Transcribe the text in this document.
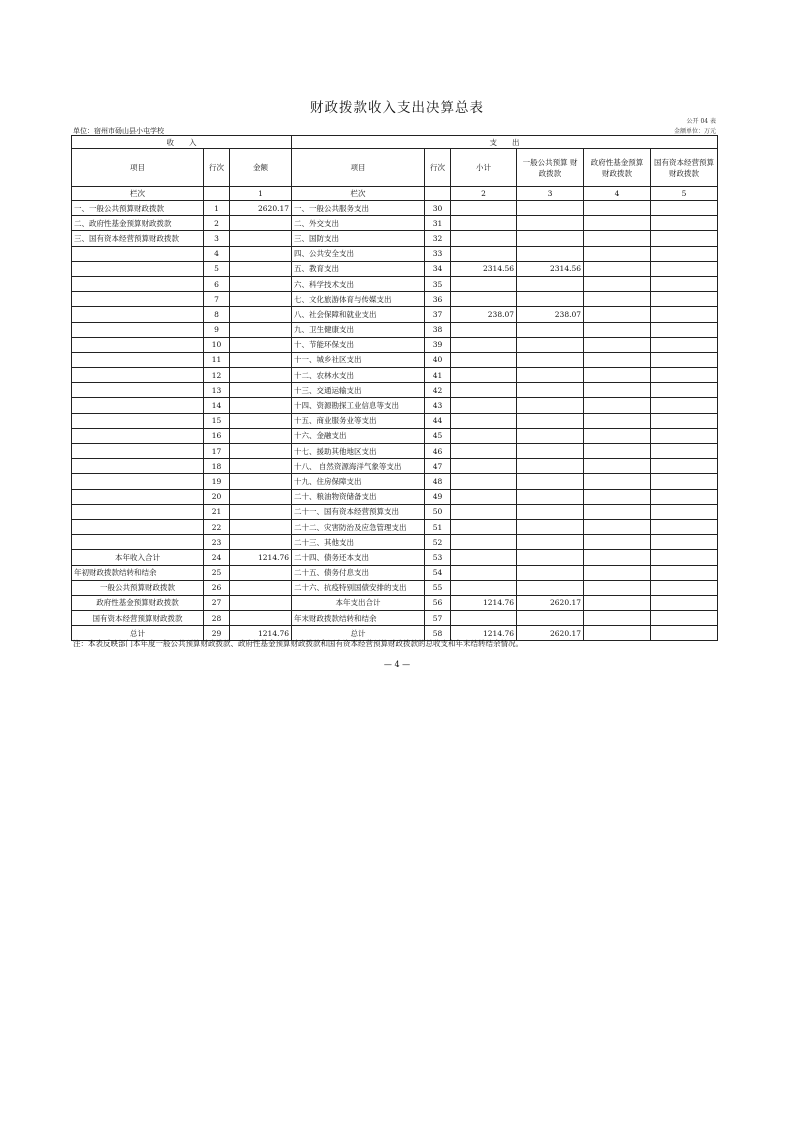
财政拨款收入支出决算总表
公开 04 表
单位：宿州市砀山县小屯学校	金额单位：万元
收　　入			支　　出					
项目	行次	金额	项目	行次	小计	一般公共预算 财政拨款	政府性基金预算 财政拨款	国有资本经营预算 财政拨款
栏次		1	栏次		2	3	4	5
一、一般公共预算财政拨款	1	2620.17	一、一般公共服务支出	30				
二、政府性基金预算财政拨款	2		二、外交支出	31				
三、国有资本经营预算财政拨款	3		三、国防支出	32				
	4		四、公共安全支出	33				
	5		五、教育支出	34	2314.56	2314.56		
	6		六、科学技术支出	35				
	7		七、文化旅游体育与传媒支出	36				
	8		八、社会保障和就业支出	37	238.07	238.07		
	9		九、卫生健康支出	38				
	10		十、节能环保支出	39				
	11		十一、城乡社区支出	40				
	12		十二、农林水支出	41				
	13		十三、交通运输支出	42				
	14		十四、资源勘探工业信息等支出	43				
	15		十五、商业服务业等支出	44				
	16		十六、金融支出	45				
	17		十七、援助其他地区支出	46				
	18		十八、 自然资源海洋气象等支出	47				
	19		十九、住房保障支出	48				
	20		二十、粮油物资储备支出	49				
	21		二十一、国有资本经营预算支出	50				
	22		二十二、灾害防治及应急管理支出	51				
	23		二十三、其他支出	52				
本年收入合计	24	1214.76	二十四、债务还本支出	53				
年初财政拨款结转和结余	25		二十五、债务付息支出	54				
一般公共预算财政拨款	26		二十六、抗疫特别国债安排的支出	55				
政府性基金预算财政拨款	27		本年支出合计	56	1214.76	2620.17		
国有资本经营预算财政拨款	28		年末财政拨款结转和结余	57				
总计	29	1214.76	总计	58	1214.76	2620.17		
注：本表反映部门本年度一般公共预算财政拨款、政府性基金预算财政拨款和国有资本经营预算财政拨款的总收支和年末结转结余情况。
— 4 —
